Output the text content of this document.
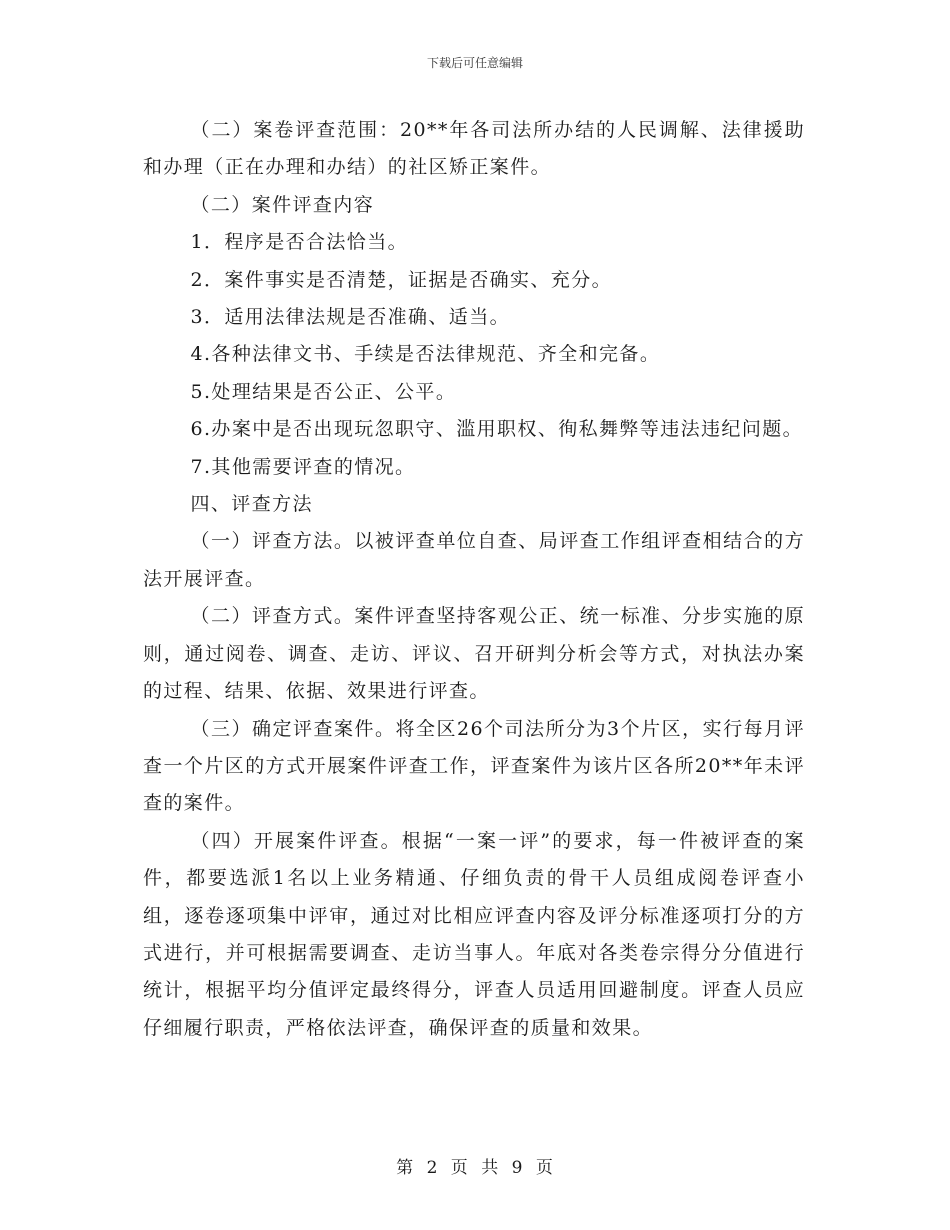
下载后可任意编辑

（二）案卷评查范围：20**年各司法所办结的人民调解、法律援助和办理（正在办理和办结）的社区矫正案件。

（二）案件评查内容

1．程序是否合法恰当。

2．案件事实是否清楚，证据是否确实、充分。

3．适用法律法规是否准确、适当。

4.各种法律文书、手续是否法律规范、齐全和完备。

5.处理结果是否公正、公平。

6.办案中是否出现玩忽职守、滥用职权、徇私舞弊等违法违纪问题。

7.其他需要评查的情况。

四、评查方法

（一）评查方法。以被评查单位自查、局评查工作组评查相结合的方法开展评查。

（二）评查方式。案件评查坚持客观公正、统一标准、分步实施的原则，通过阅卷、调查、走访、评议、召开研判分析会等方式，对执法办案的过程、结果、依据、效果进行评查。

（三）确定评查案件。将全区26个司法所分为3个片区，实行每月评查一个片区的方式开展案件评查工作，评查案件为该片区各所20**年未评查的案件。

（四）开展案件评查。根据“一案一评”的要求，每一件被评查的案件，都要选派1名以上业务精通、仔细负责的骨干人员组成阅卷评查小组，逐卷逐项集中评审，通过对比相应评查内容及评分标准逐项打分的方式进行，并可根据需要调查、走访当事人。年底对各类卷宗得分分值进行统计，根据平均分值评定最终得分，评查人员适用回避制度。评查人员应仔细履行职责，严格依法评查，确保评查的质量和效果。

第 2 页 共 9 页
